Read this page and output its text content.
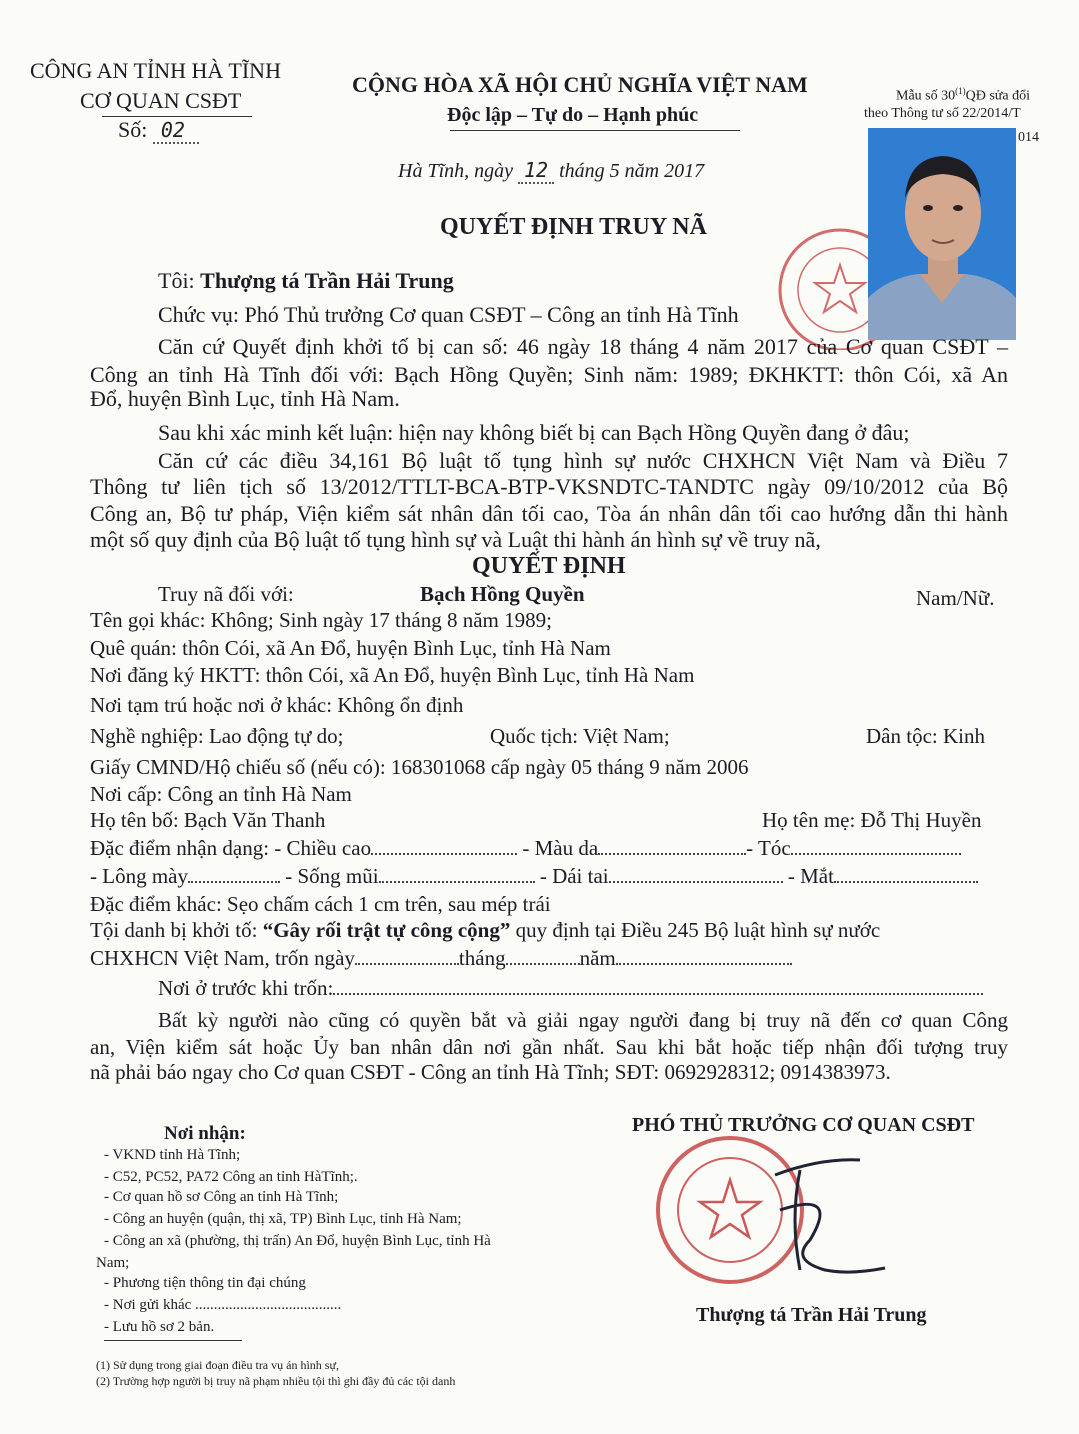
CÔNG AN TỈNH HÀ TĨNH
CƠ QUAN CSĐT
Số: 02
CỘNG HÒA XÃ HỘI CHỦ NGHĨA VIỆT NAM
Độc lập – Tự do – Hạnh phúc
Mẫu số 30$^{(1)}$QĐ sửa đổi
theo Thông tư số 22/2014/T
014
Hà Tĩnh, ngày 12 tháng 5 năm 2017
QUYẾT ĐỊNH TRUY NÃ
Tôi: Thượng tá Trần Hải Trung
Chức vụ: Phó Thủ trưởng Cơ quan CSĐT – Công an tỉnh Hà Tĩnh
Căn cứ Quyết định khởi tố bị can số: 46 ngày 18 tháng 4 năm 2017 của Cơ quan CSĐT –
Công an tỉnh Hà Tĩnh đối với: Bạch Hồng Quyền; Sinh năm: 1989; ĐKHKTT: thôn Cói, xã An
Đổ, huyện Bình Lục, tỉnh Hà Nam.
Sau khi xác minh kết luận: hiện nay không biết bị can Bạch Hồng Quyền đang ở đâu;
Căn cứ các điều 34,161 Bộ luật tố tụng hình sự nước CHXHCN Việt Nam và Điều 7
Thông tư liên tịch số 13/2012/TTLT-BCA-BTP-VKSNDTC-TANDTC ngày 09/10/2012 của Bộ
Công an, Bộ tư pháp, Viện kiểm sát nhân dân tối cao, Tòa án nhân dân tối cao hướng dẫn thi hành
một số quy định của Bộ luật tố tụng hình sự và Luật thi hành án hình sự về truy nã,
QUYẾT ĐỊNH
Truy nã đối với:	Bạch Hồng Quyền	Nam/Nữ.
Tên gọi khác: Không; Sinh ngày 17 tháng 8 năm 1989;
Quê quán: thôn Cói, xã An Đổ, huyện Bình Lục, tỉnh Hà Nam
Nơi đăng ký HKTT: thôn Cói, xã An Đổ, huyện Bình Lục, tỉnh Hà Nam
Nơi tạm trú hoặc nơi ở khác: Không ổn định
Nghề nghiệp: Lao động tự do;	Quốc tịch: Việt Nam;	Dân tộc: Kinh
Giấy CMND/Hộ chiếu số (nếu có): 168301068 cấp ngày 05 tháng 9 năm 2006
Nơi cấp: Công an tỉnh Hà Nam
Họ tên bố: Bạch Văn Thanh	Họ tên mẹ: Đỗ Thị Huyền
Đặc điểm nhận dạng: - Chiều cao	- Màu da	- Tóc
- Lông mày	- Sống mũi	- Dái tai	- Mắt
Đặc điểm khác: Sẹo chấm cách 1 cm trên, sau mép trái
Tội danh bị khởi tố: “Gây rối trật tự công cộng” quy định tại Điều 245 Bộ luật hình sự nước
CHXHCN Việt Nam, trốn ngày	tháng	năm
Nơi ở trước khi trốn:
Bất kỳ người nào cũng có quyền bắt và giải ngay người đang bị truy nã đến cơ quan Công
an, Viện kiểm sát hoặc Ủy ban nhân dân nơi gần nhất. Sau khi bắt hoặc tiếp nhận đối tượng truy
nã phải báo ngay cho Cơ quan CSĐT - Công an tỉnh Hà Tĩnh; SĐT: 0692928312; 0914383973.
PHÓ THỦ TRƯỞNG CƠ QUAN CSĐT
Thượng tá Trần Hải Trung
Nơi nhận:
- VKND tỉnh Hà Tĩnh;
- C52, PC52, PA72 Công an tỉnh HàTĩnh;.
- Cơ quan hồ sơ Công an tỉnh Hà Tĩnh;
- Công an huyện (quận, thị xã, TP) Bình Lục, tỉnh Hà Nam;
- Công an xã (phường, thị trấn) An Đổ, huyện Bình Lục, tỉnh Hà
Nam;
- Phương tiện thông tin đại chúng
- Nơi gửi khác .......................................
- Lưu hồ sơ 2 bản.
(1) Sử dụng trong giai đoạn điều tra vụ án hình sự,
(2) Trường hợp người bị truy nã phạm nhiều tội thì ghi đầy đủ các tội danh
